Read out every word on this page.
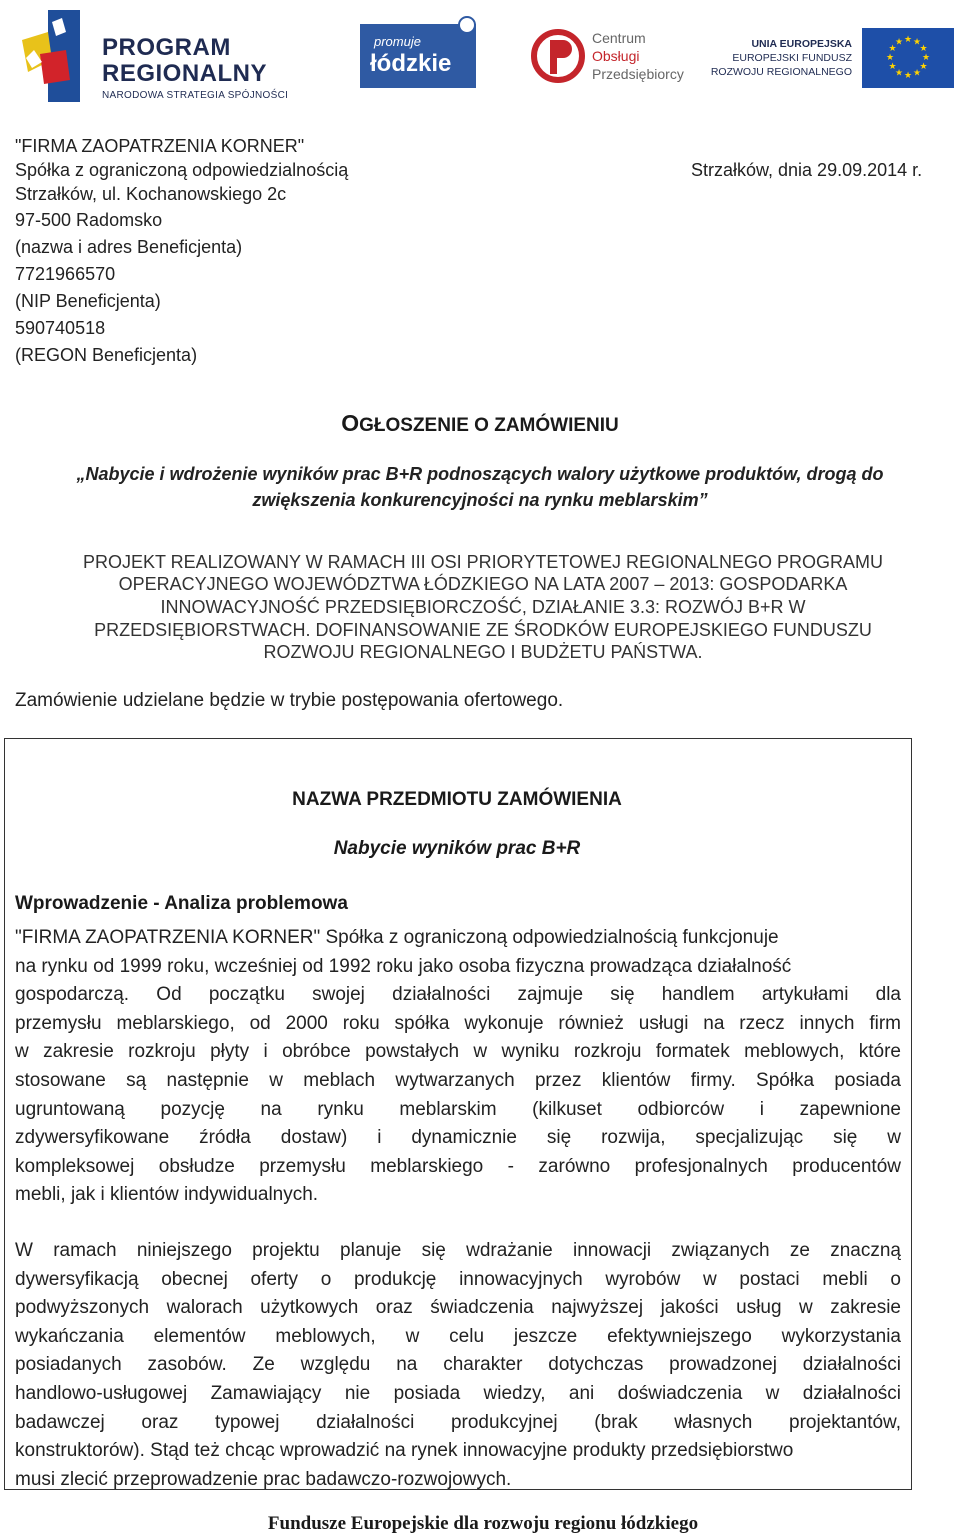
PROGRAM
REGIONALNY
NARODOWA STRATEGIA SPÓJNOŚCI
promuje
łódzkie
Centrum
Obsługi
Przedsiębiorcy
UNIA EUROPEJSKA
EUROPEJSKI FUNDUSZ
ROZWOJU REGIONALNEGO
★ ★
★
★
★
★
★
★
★
★
★
★
"FIRMA ZAOPATRZENIA KORNER"
Spółka z ograniczoną odpowiedzialnością
Strzałków, ul. Kochanowskiego 2c
97-500 Radomsko
(nazwa i adres Beneficjenta)
7721966570
(NIP Beneficjenta)
590740518
(REGON Beneficjenta)
Strzałków, dnia 29.09.2014 r.
OGŁOSZENIE O ZAMÓWIENIU
„Nabycie i wdrożenie wyników prac B+R podnoszących walory użytkowe produktów, drogą do
zwiększenia konkurencyjności na rynku meblarskim”
PROJEKT REALIZOWANY W RAMACH III OSI PRIORYTETOWEJ REGIONALNEGO PROGRAMU
OPERACYJNEGO WOJEWÓDZTWA ŁÓDZKIEGO NA LATA 2007 – 2013: GOSPODARKA
INNOWACYJNOŚĆ PRZEDSIĘBIORCZOŚĆ, DZIAŁANIE 3.3: ROZWÓJ B+R W
PRZEDSIĘBIORSTWACH. DOFINANSOWANIE ZE ŚRODKÓW EUROPEJSKIEGO FUNDUSZU
ROZWOJU REGIONALNEGO I BUDŻETU PAŃSTWA.
Zamówienie udzielane będzie w trybie postępowania ofertowego.
NAZWA PRZEDMIOTU ZAMÓWIENIA
Nabycie wyników prac B+R
Wprowadzenie - Analiza problemowa
"FIRMA ZAOPATRZENIA KORNER" Spółka z ograniczoną odpowiedzialnością funkcjonuje
na rynku od 1999 roku, wcześniej od 1992 roku jako osoba fizyczna prowadząca działalność
gospodarczą. Od początku swojej działalności zajmuje się handlem artykułami dla
przemysłu meblarskiego, od 2000 roku spółka wykonuje również usługi na rzecz innych firm
w zakresie rozkroju płyty i obróbce powstałych w wyniku rozkroju formatek meblowych, które
stosowane są następnie w meblach wytwarzanych przez klientów firmy. Spółka posiada
ugruntowaną pozycję na rynku meblarskim (kilkuset odbiorców i zapewnione
zdywersyfikowane źródła dostaw) i dynamicznie się rozwija, specjalizując się w
kompleksowej obsłudze przemysłu meblarskiego - zarówno profesjonalnych producentów
mebli, jak i klientów indywidualnych.
W ramach niniejszego projektu planuje się wdrażanie innowacji związanych ze znaczną
dywersyfikacją obecnej oferty o produkcję innowacyjnych wyrobów w postaci mebli o
podwyższonych walorach użytkowych oraz świadczenia najwyższej jakości usług w zakresie
wykańczania elementów meblowych, w celu jeszcze efektywniejszego wykorzystania
posiadanych zasobów. Ze względu na charakter dotychczas prowadzonej działalności
handlowo-usługowej Zamawiający nie posiada wiedzy, ani doświadczenia w działalności
badawczej oraz typowej działalności produkcyjnej (brak własnych projektantów,
konstruktorów). Stąd też chcąc wprowadzić na rynek innowacyjne produkty przedsiębiorstwo
musi zlecić przeprowadzenie prac badawczo-rozwojowych.
Fundusze Europejskie dla rozwoju regionu łódzkiego
